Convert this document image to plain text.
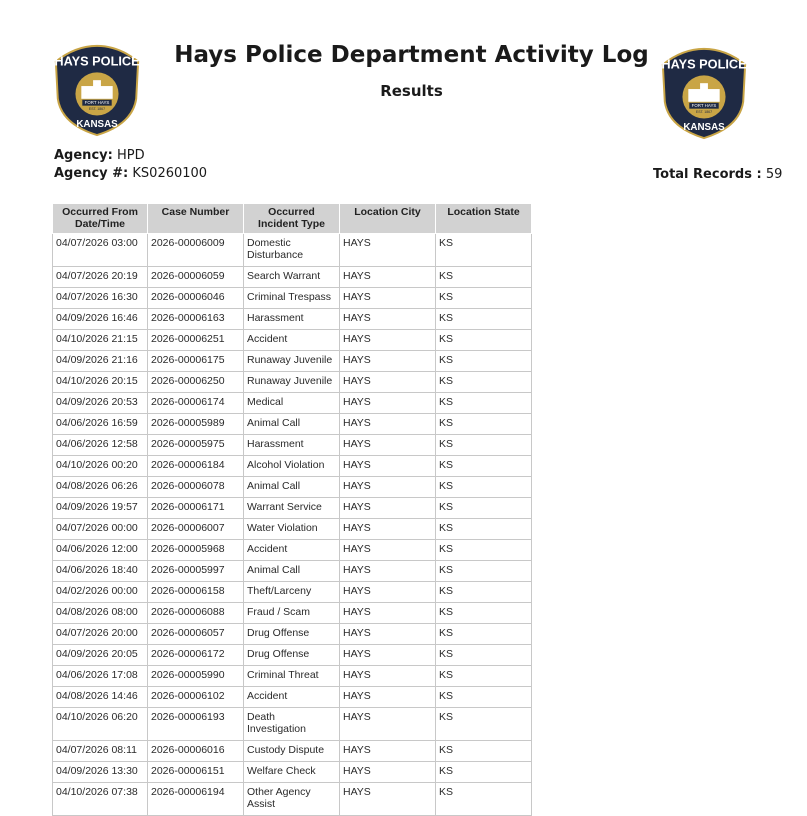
HAYS POLICE
FORT HAYS
EST. 1867
KANSAS
HAYS POLICE
FORT HAYS
EST. 1867
KANSAS
Hays Police Department Activity Log
Results
Agency: HPD
Agency #: KS0260100	Total Records : 59
Occurred From Date/Time	Case Number	Occurred Incident Type	Location City	Location State
04/07/2026 03:00	2026-00006009	Domestic Disturbance	HAYS	KS
04/07/2026 20:19	2026-00006059	Search Warrant	HAYS	KS
04/07/2026 16:30	2026-00006046	Criminal Trespass	HAYS	KS
04/09/2026 16:46	2026-00006163	Harassment	HAYS	KS
04/10/2026 21:15	2026-00006251	Accident	HAYS	KS
04/09/2026 21:16	2026-00006175	Runaway Juvenile	HAYS	KS
04/10/2026 20:15	2026-00006250	Runaway Juvenile	HAYS	KS
04/09/2026 20:53	2026-00006174	Medical	HAYS	KS
04/06/2026 16:59	2026-00005989	Animal Call	HAYS	KS
04/06/2026 12:58	2026-00005975	Harassment	HAYS	KS
04/10/2026 00:20	2026-00006184	Alcohol Violation	HAYS	KS
04/08/2026 06:26	2026-00006078	Animal Call	HAYS	KS
04/09/2026 19:57	2026-00006171	Warrant Service	HAYS	KS
04/07/2026 00:00	2026-00006007	Water Violation	HAYS	KS
04/06/2026 12:00	2026-00005968	Accident	HAYS	KS
04/06/2026 18:40	2026-00005997	Animal Call	HAYS	KS
04/02/2026 00:00	2026-00006158	Theft/Larceny	HAYS	KS
04/08/2026 08:00	2026-00006088	Fraud / Scam	HAYS	KS
04/07/2026 20:00	2026-00006057	Drug Offense	HAYS	KS
04/09/2026 20:05	2026-00006172	Drug Offense	HAYS	KS
04/06/2026 17:08	2026-00005990	Criminal Threat	HAYS	KS
04/08/2026 14:46	2026-00006102	Accident	HAYS	KS
04/10/2026 06:20	2026-00006193	Death Investigation	HAYS	KS
04/07/2026 08:11	2026-00006016	Custody Dispute	HAYS	KS
04/09/2026 13:30	2026-00006151	Welfare Check	HAYS	KS
04/10/2026 07:38	2026-00006194	Other Agency Assist	HAYS	KS
